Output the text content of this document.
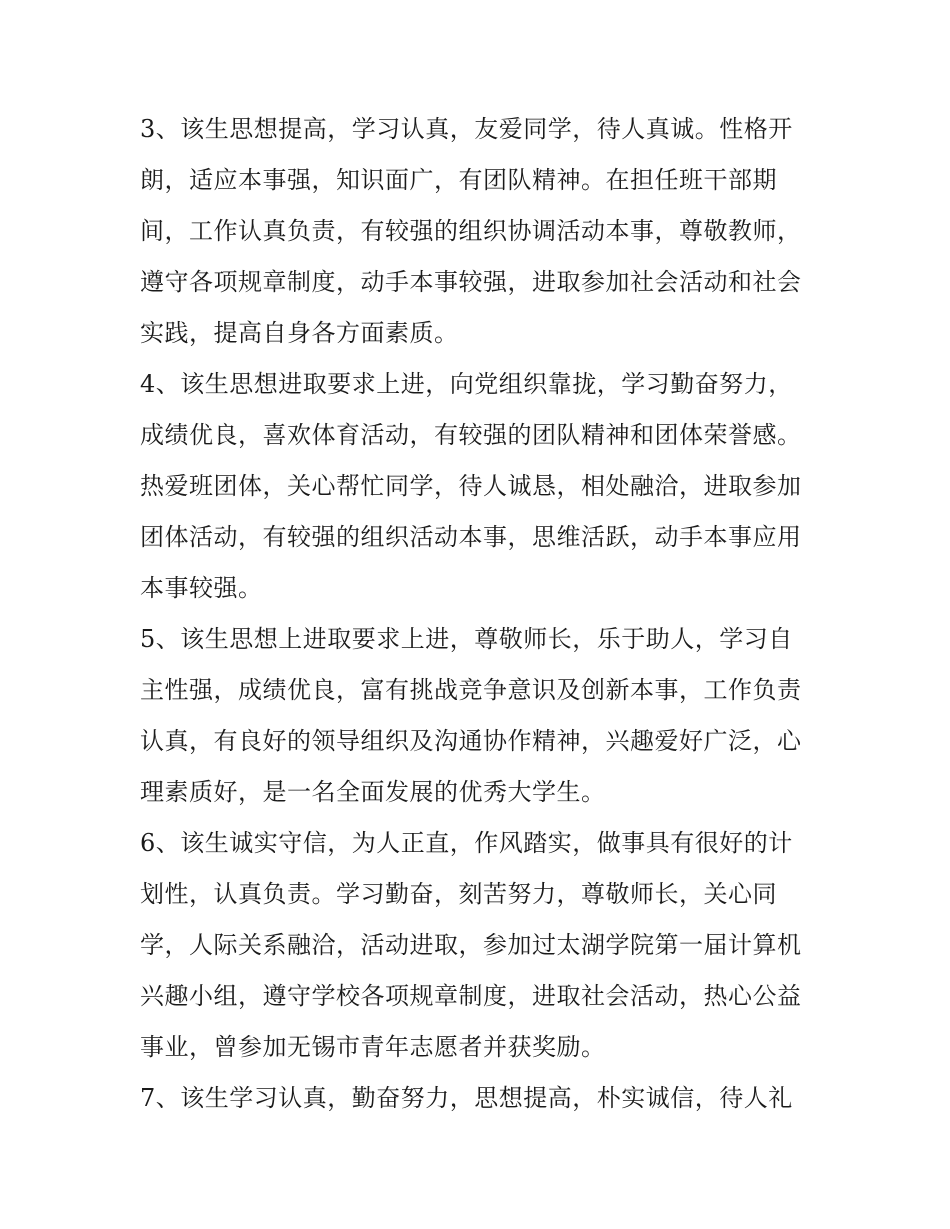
3、该生思想提高，学习认真，友爱同学，待人真诚。性格开
朗，适应本事强，知识面广，有团队精神。在担任班干部期
间，工作认真负责，有较强的组织协调活动本事，尊敬教师，
遵守各项规章制度，动手本事较强，进取参加社会活动和社会
实践，提高自身各方面素质。
4、该生思想进取要求上进，向党组织靠拢，学习勤奋努力，
成绩优良，喜欢体育活动，有较强的团队精神和团体荣誉感。
热爱班团体，关心帮忙同学，待人诚恳，相处融洽，进取参加
团体活动，有较强的组织活动本事，思维活跃，动手本事应用
本事较强。
5、该生思想上进取要求上进，尊敬师长，乐于助人，学习自
主性强，成绩优良，富有挑战竞争意识及创新本事，工作负责
认真，有良好的领导组织及沟通协作精神，兴趣爱好广泛，心
理素质好，是一名全面发展的优秀大学生。
6、该生诚实守信，为人正直，作风踏实，做事具有很好的计
划性，认真负责。学习勤奋，刻苦努力，尊敬师长，关心同
学，人际关系融洽，活动进取，参加过太湖学院第一届计算机
兴趣小组，遵守学校各项规章制度，进取社会活动，热心公益
事业，曾参加无锡市青年志愿者并获奖励。
7、该生学习认真，勤奋努力，思想提高，朴实诚信，待人礼
